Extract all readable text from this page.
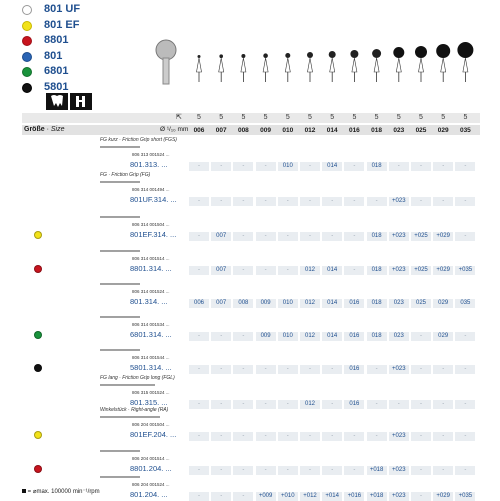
801 UF
801 EF
8801
801
6801
5801
⇱	5	5	5	5	5	5	5	5	5	5	5	5	5
Größe · Size	Ø ¹/₁₀ mm 006	007	008	009	010	012	014	016	018	023	025	029	035
FG kurz · Friction Grip short (FGS)
806 313 001524 ...
801.313. ...	-	-	-	-	010	-	014	-	018	-	-	-	-
FG · Friction Grip (FG)
806 314 001494 ...
801UF.314. ...	-	-	-	-	-	-	-	-	-	+023	-	-	-
806 314 001504 ...
801EF.314. ...	-	007	-	-	-	-	-	-	018	+023	+025	+029	-
806 314 001514 ...
8801.314. ...	-	007	-	-	-	012	014	-	018	+023	+025	+029	+035
806 314 001524 ...
801.314. ...	006	007	008	009	010	012	014	016	018	023	025	029	035
806 314 001534 ...
6801.314. ...	-	-	-	009	010	012	014	016	018	023	-	029	-
806 314 001544 ...
5801.314. ...	-	-	-	-	-	-	-	016	-	+023	-	-	-
FG lang · Friction Grip long (FGL)
806 315 001524 ...
801.315. ...	-	-	-	-	-	012	-	016	-	-	-	-	-
Winkelstück · Right-angle (RA)
806 204 001504 ...
801EF.204. ...	-	-	-	-	-	-	-	-	-	+023	-	-	-
806 204 001514 ...
8801.204. ...	-	-	-	-	-	-	-	-	+018	+023	-	-	-
806 204 001524 ...
801.204. ...	-	-	-	+009	+010	+012	+014	+016	+018	+023	-	+029	+035
= ⌀max. 100000 min⁻¹/rpm
